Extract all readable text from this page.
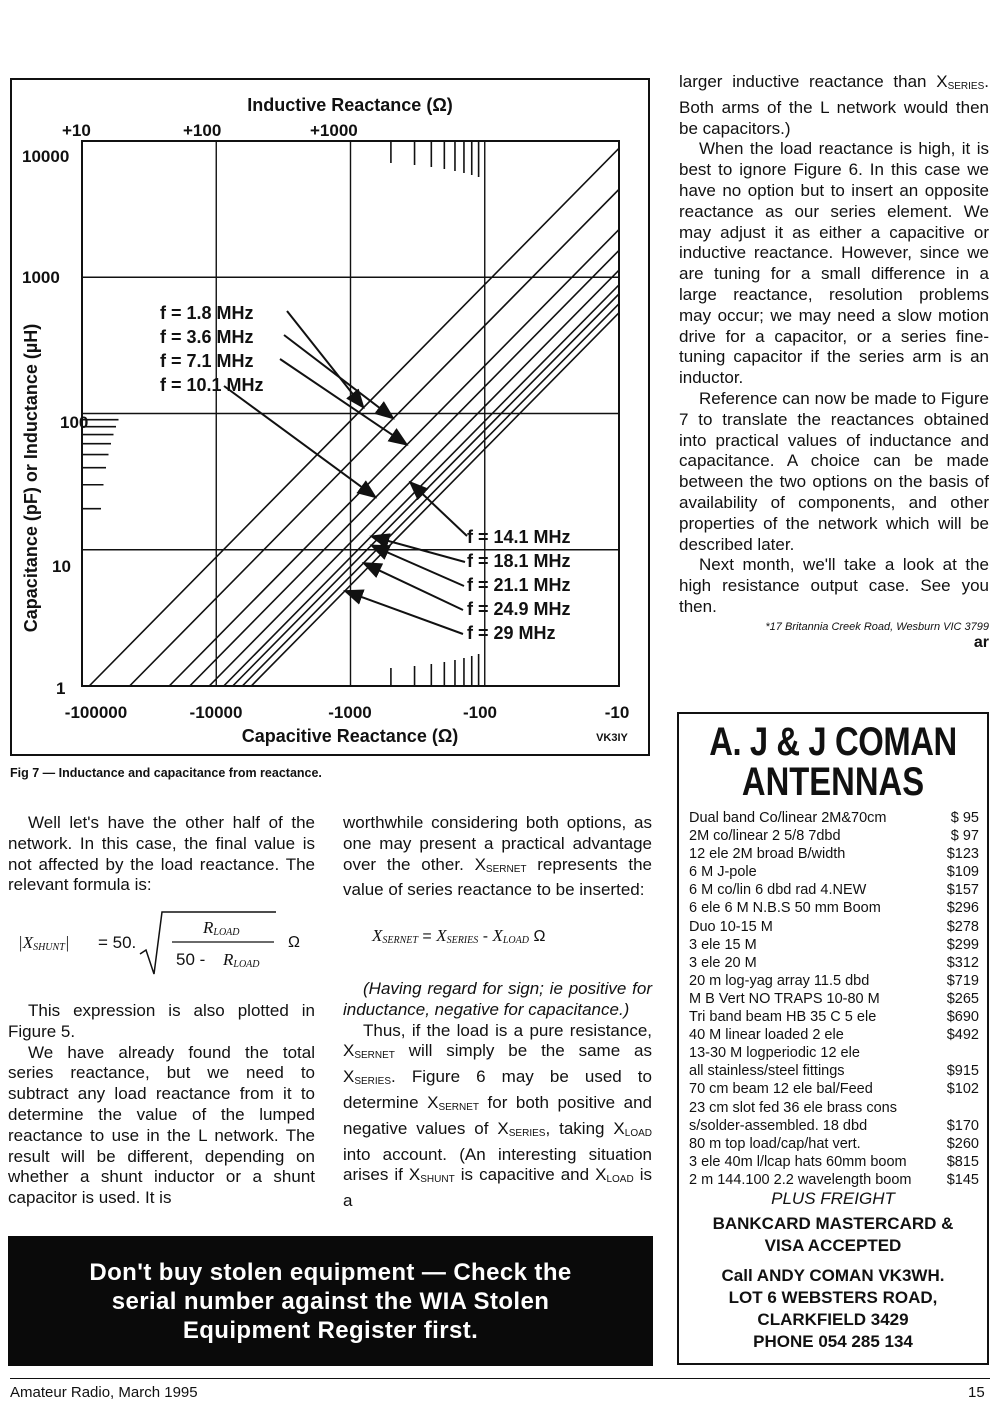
Inductive Reactance (Ω)
+10	+100	+1000
10000
1000
100
10
1
Capacitance (pF) or Inductance (µH)
-100000	-10000	-1000	-100	-10
Capacitive Reactance (Ω)	VK3IY
f = 1.8 MHz
f = 3.6 MHz
f = 7.1 MHz
f = 10.1 MHz
f = 14.1 MHz
f = 18.1 MHz
f = 21.1 MHz
f = 24.9 MHz
f = 29 MHz
Fig 7 — Inductance and capacitance from reactance.

Well let's have the other half of the network. In this case, the final value is not affected by the load reactance. The relevant formula is:

$|X_{SHUNT}| = 50$.
$R_{LOAD}$
$50 - R_{LOAD}$
Ω

This expression is also plotted in Figure 5.

We have already found the total series reactance, but we need to subtract any load reactance from it to determine the value of the lumped reactance to use in the L network. The result will be different, depending on whether a shunt inductor or a shunt capacitor is used. It is

worthwhile considering both options, as one may present a practical advantage over the other. $X_{SERNET}$ represents the value of series reactance to be inserted:

$X_{SERNET} = X_{SERIES} - X_{LOAD}$ Ω

(Having regard for sign; ie positive for inductance, negative for capacitance.)

Thus, if the load is a pure resistance, $X_{SERNET}$ will simply be the same as $X_{SERIES}$. Figure 6 may be used to determine $X_{SERNET}$ for both positive and negative values of $X_{SERIES}$, taking $X_{LOAD}$ into account. (An interesting situation arises if $X_{SHUNT}$ is capacitive and $X_{LOAD}$ is a

larger inductive reactance than $X_{SERIES}$. Both arms of the L network would then be capacitors.)

When the load reactance is high, it is best to ignore Figure 6. In this case we have no option but to insert an opposite reactance as our series element. We may adjust it as either a capacitive or inductive reactance. However, since we are tuning for a small difference in a large reactance, resolution problems may occur; we may need a slow motion drive for a capacitor, or a series fine-tuning capacitor if the series arm is an inductor.

Reference can now be made to Figure 7 to translate the reactances obtained into practical values of inductance and capacitance. A choice can be made between the two options on the basis of availability of components, and other properties of the network which will be described later.

Next month, we'll take a look at the high resistance output case. See you then.

*17 Britannia Creek Road, Wesburn VIC 3799
ar
Don't buy stolen equipment — Check the
serial number against the WIA Stolen
Equipment Register first.
A. J & J COMAN
ANTENNAS
Dual band Co/linear 2M&70cm	$ 95
2M co/linear 2 5/8 7dbd	$ 97
12 ele 2M broad B/width	$123
6 M J-pole	$109
6 M co/lin 6 dbd rad 4.NEW	$157
6 ele 6 M N.B.S 50 mm Boom	$296
Duo 10-15 M	$278
3 ele 15 M	$299
3 ele 20 M	$312
20 m log-yag array 11.5 dbd	$719
M B Vert NO TRAPS 10-80 M	$265
Tri band beam HB 35 C 5 ele	$690
40 M linear loaded 2 ele	$492
13-30 M logperiodic 12 ele
all stainless/steel fittings	$915
70 cm beam 12 ele bal/Feed	$102
23 cm slot fed 36 ele brass cons
s/solder-assembled. 18 dbd	$170
80 m top load/cap/hat vert.	$260
3 ele 40m l/lcap hats 60mm boom	$815
2 m 144.100 2.2 wavelength boom $145
PLUS FREIGHT
BANKCARD MASTERCARD &
VISA ACCEPTED
Call ANDY COMAN VK3WH.
LOT 6 WEBSTERS ROAD,
CLARKFIELD 3429
PHONE 054 285 134
Amateur Radio, March 1995	15
